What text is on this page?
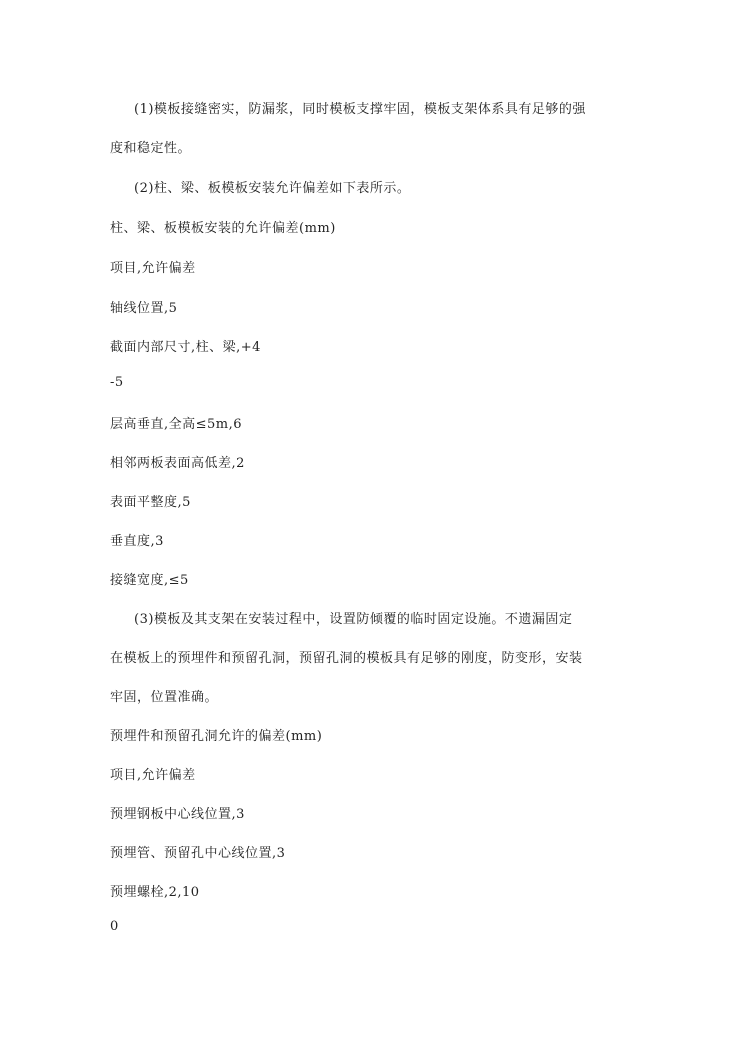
(1)模板接缝密实，防漏浆，同时模板支撑牢固，模板支架体系具有足够的强
度和稳定性。
(2)柱、梁、板模板安装允许偏差如下表所示。
柱、梁、板模板安装的允许偏差(mm)
项目,允许偏差
轴线位置,5
截面内部尺寸,柱、梁,+4
-5
层高垂直,全高≤5m,6
相邻两板表面高低差,2
表面平整度,5
垂直度,3
接缝宽度,≤5
(3)模板及其支架在安装过程中，设置防倾覆的临时固定设施。不遗漏固定
在模板上的预埋件和预留孔洞，预留孔洞的模板具有足够的刚度，防变形，安装
牢固，位置准确。
预埋件和预留孔洞允许的偏差(mm)
项目,允许偏差
预埋钢板中心线位置,3
预埋管、预留孔中心线位置,3
预埋螺栓,2,10
0
